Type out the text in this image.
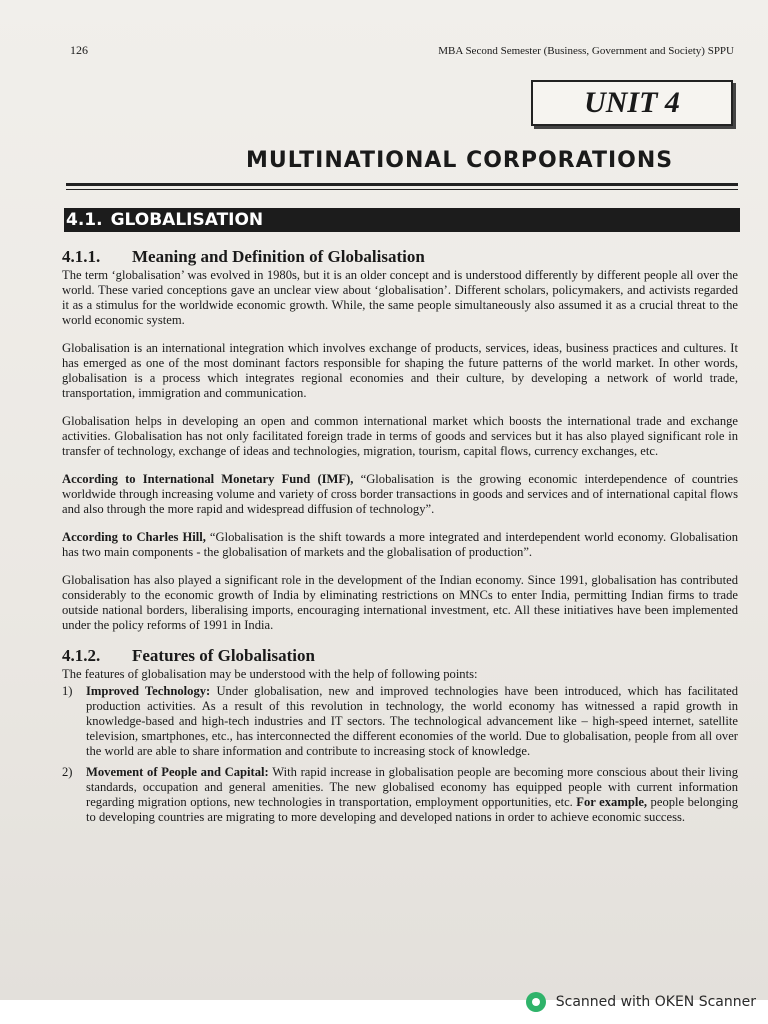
126	MBA Second Semester (Business, Government and Society) SPPU
UNIT 4
MULTINATIONAL CORPORATIONS
4.1. GLOBALISATION
4.1.1. Meaning and Definition of Globalisation

The term ‘globalisation’ was evolved in 1980s, but it is an older concept and is understood differently by different people all over the world. These varied conceptions gave an unclear view about ‘globalisation’. Different scholars, policymakers, and activists regarded it as a stimulus for the worldwide economic growth. While, the same people simultaneously also assumed it as a crucial threat to the world economic system.

Globalisation is an international integration which involves exchange of products, services, ideas, business practices and cultures. It has emerged as one of the most dominant factors responsible for shaping the future patterns of the world market. In other words, globalisation is a process which integrates regional economies and their culture, by developing a network of world trade, transportation, immigration and communication.

Globalisation helps in developing an open and common international market which boosts the international trade and exchange activities. Globalisation has not only facilitated foreign trade in terms of goods and services but it has also played significant role in transfer of technology, exchange of ideas and technologies, migration, tourism, capital flows, currency exchanges, etc.

According to International Monetary Fund (IMF), “Globalisation is the growing economic interdependence of countries worldwide through increasing volume and variety of cross border transactions in goods and services and of international capital flows and also through the more rapid and widespread diffusion of technology”.

According to Charles Hill, “Globalisation is the shift towards a more integrated and interdependent world economy. Globalisation has two main components - the globalisation of markets and the globalisation of production”.

Globalisation has also played a significant role in the development of the Indian economy. Since 1991, globalisation has contributed considerably to the economic growth of India by eliminating restrictions on MNCs to enter India, permitting Indian firms to trade outside national borders, liberalising imports, encouraging international investment, etc. All these initiatives have been implemented under the policy reforms of 1991 in India.

4.1.2. Features of Globalisation
The features of globalisation may be understood with the help of following points:
1)	Improved Technology: Under globalisation, new and improved technologies have been introduced, which has facilitated production activities. As a result of this revolution in technology, the world economy has witnessed a rapid growth in knowledge-based and high-tech industries and IT sectors. The technological advancement like – high-speed internet, satellite television, smartphones, etc., has interconnected the different economies of the world. Due to globalisation, people from all over the world are able to share information and contribute to increasing stock of knowledge.
2)	Movement of People and Capital: With rapid increase in globalisation people are becoming more conscious about their living standards, occupation and general amenities. The new globalised economy has equipped people with current information regarding migration options, new technologies in transportation, employment opportunities, etc. For example, people belonging to developing countries are migrating to more developing and developed nations in order to achieve economic success.
Scanned with OKEN Scanner
